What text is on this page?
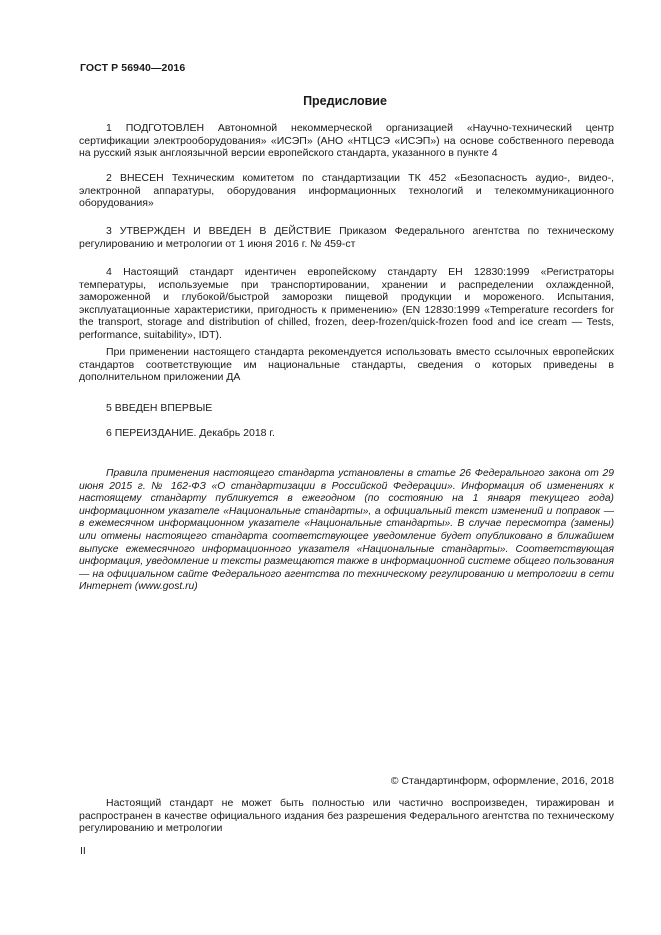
ГОСТ Р 56940—2016
Предисловие

1 ПОДГОТОВЛЕН Автономной некоммерческой организацией «Научно-технический центр сертификации электрооборудования» «ИСЭП» (АНО «НТЦСЭ «ИСЭП») на основе собственного перевода на русский язык англоязычной версии европейского стандарта, указанного в пункте 4

2 ВНЕСЕН Техническим комитетом по стандартизации ТК 452 «Безопасность аудио-, видео-, электронной аппаратуры, оборудования информационных технологий и телекоммуникационного оборудования»

3 УТВЕРЖДЕН И ВВЕДЕН В ДЕЙСТВИЕ Приказом Федерального агентства по техническому регулированию и метрологии от 1 июня 2016 г. № 459-ст

4 Настоящий стандарт идентичен европейскому стандарту ЕН 12830:1999 «Регистраторы температуры, используемые при транспортировании, хранении и распределении охлажденной, замороженной и глубокой/быстрой заморозки пищевой продукции и мороженого. Испытания, эксплуатационные характеристики, пригодность к применению» (EN 12830:1999 «Temperature recorders for the transport, storage and distribution of chilled, frozen, deep-frozen/quick-frozen food and ice cream — Tests, performance, suitability», IDT).

При применении настоящего стандарта рекомендуется использовать вместо ссылочных европейских стандартов соответствующие им национальные стандарты, сведения о которых приведены в дополнительном приложении ДА

5 ВВЕДЕН ВПЕРВЫЕ

6 ПЕРЕИЗДАНИЕ. Декабрь 2018 г.

Правила применения настоящего стандарта установлены в статье 26 Федерального закона от 29 июня 2015 г. № 162-ФЗ «О стандартизации в Российской Федерации». Информация об изменениях к настоящему стандарту публикуется в ежегодном (по состоянию на 1 января текущего года) информационном указателе «Национальные стандарты», а официальный текст изменений и поправок — в ежемесячном информационном указателе «Национальные стандарты». В случае пересмотра (замены) или отмены настоящего стандарта соответствующее уведомление будет опубликовано в ближайшем выпуске ежемесячного информационного указателя «Национальные стандарты». Соответствующая информация, уведомление и тексты размещаются также в информационной системе общего пользования — на официальном сайте Федерального агентства по техническому регулированию и метрологии в сети Интернет (www.gost.ru)

© Стандартинформ, оформление, 2016, 2018

Настоящий стандарт не может быть полностью или частично воспроизведен, тиражирован и распространен в качестве официального издания без разрешения Федерального агентства по техническому регулированию и метрологии

II
